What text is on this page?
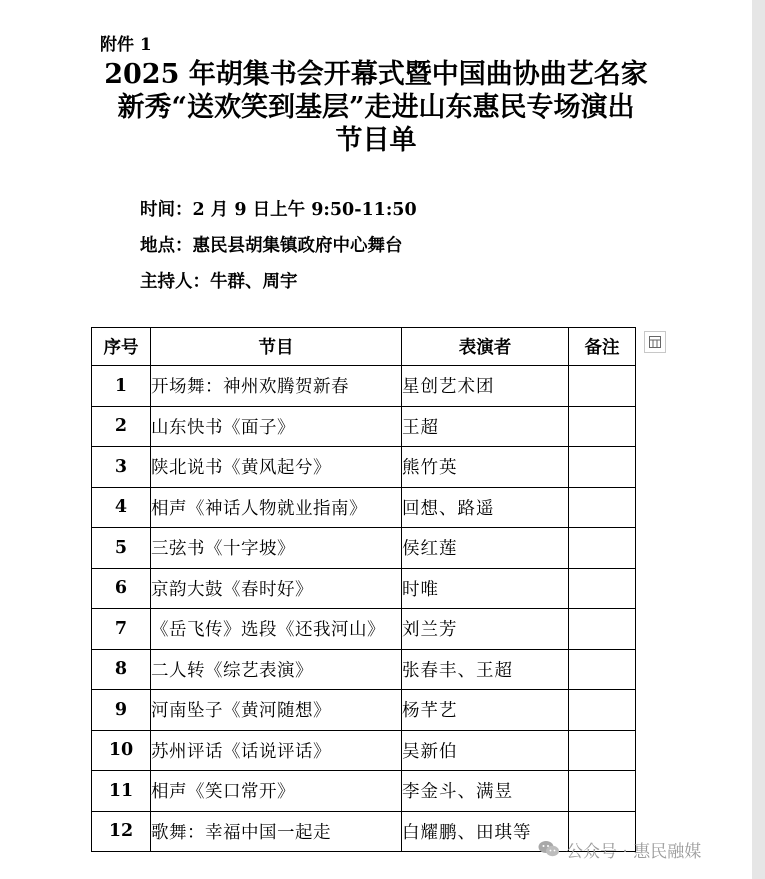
附件 1
2025 年胡集书会开幕式暨中国曲协曲艺名家
新秀“送欢笑到基层”走进山东惠民专场演出
节目单
时间：2 月 9 日上午 9:50-11:50
地点：惠民县胡集镇政府中心舞台
主持人：牛群、周宇
序号	节目	表演者	备注
1	开场舞：神州欢腾贺新春	星创艺术团	
2	山东快书《面子》	王超	
3	陕北说书《黄风起兮》	熊竹英	
4	相声《神话人物就业指南》	回想、路遥	
5	三弦书《十字坡》	侯红莲	
6	京韵大鼓《春时好》	时唯	
7	《岳飞传》选段《还我河山》	刘兰芳	
8	二人转《综艺表演》	张春丰、王超	
9	河南坠子《黄河随想》	杨芊艺	
10	苏州评话《话说评话》	吴新伯	
11	相声《笑口常开》	李金斗、满昱	
12	歌舞：幸福中国一起走	白耀鹏、田琪等	
公众号 · 惠民融媒
